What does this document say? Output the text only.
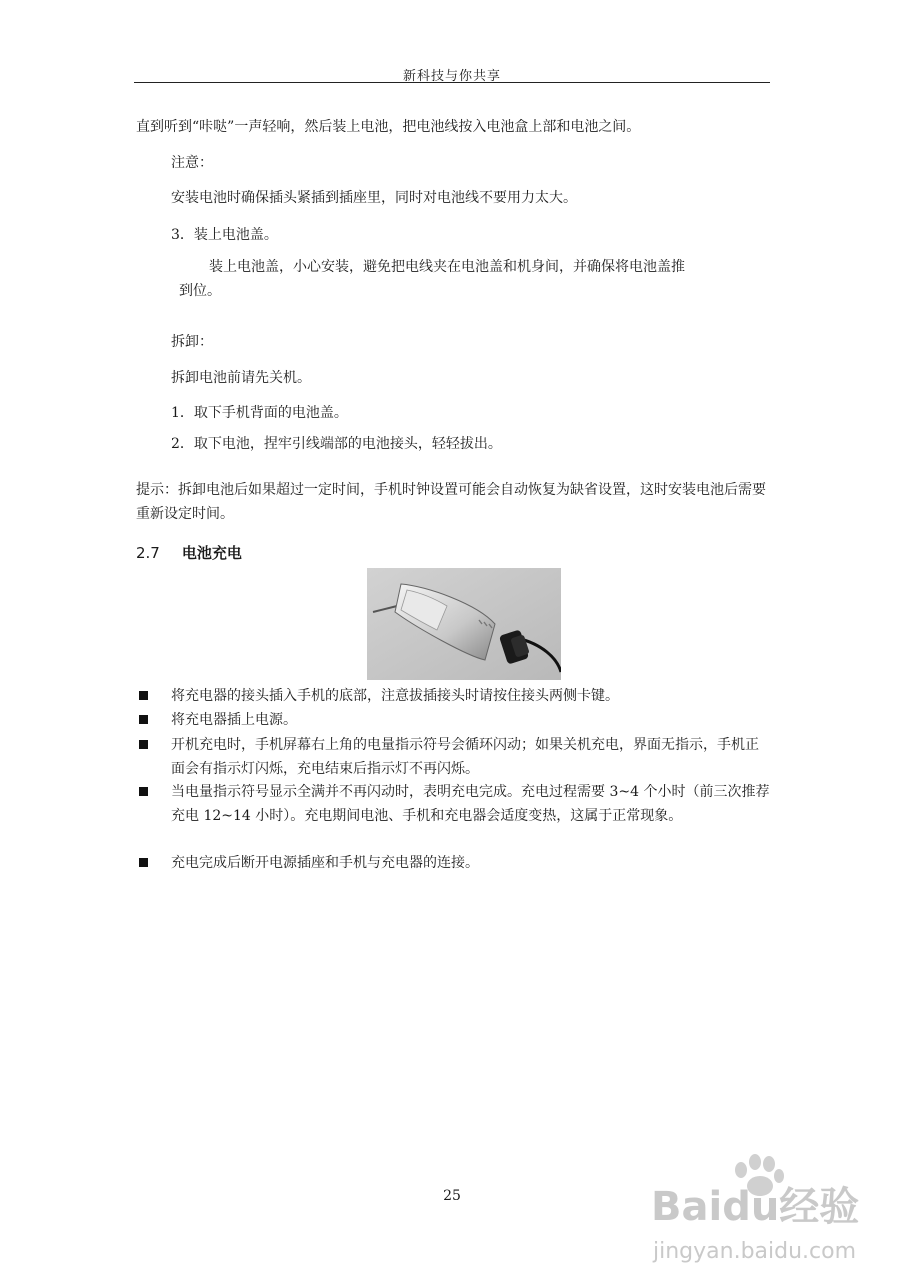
新科技与你共享
直到听到“咔哒”一声轻响，然后装上电池，把电池线按入电池盒上部和电池之间。
注意：
安装电池时确保插头紧插到插座里，同时对电池线不要用力太大。
3．装上电池盖。
装上电池盖，小心安装，避免把电线夹在电池盖和机身间，并确保将电池盖推
到位。
拆卸：
拆卸电池前请先关机。
1．取下手机背面的电池盖。
2．取下电池，捏牢引线端部的电池接头，轻轻拔出。
提示：拆卸电池后如果超过一定时间，手机时钟设置可能会自动恢复为缺省设置，这时安装电池后需要重新设定时间。
2.7 电池充电
将充电器的接头插入手机的底部，注意拔插接头时请按住接头两侧卡键。
将充电器插上电源。
开机充电时，手机屏幕右上角的电量指示符号会循环闪动；如果关机充电，界面无指示，手机正面会有指示灯闪烁，充电结束后指示灯不再闪烁。
当电量指示符号显示全满并不再闪动时，表明充电完成。充电过程需要 3~4 个小时（前三次推荐充电 12~14 小时）。充电期间电池、手机和充电器会适度变热，这属于正常现象。
充电完成后断开电源插座和手机与充电器的连接。
25	Baidu经验
jingyan.baidu.com
